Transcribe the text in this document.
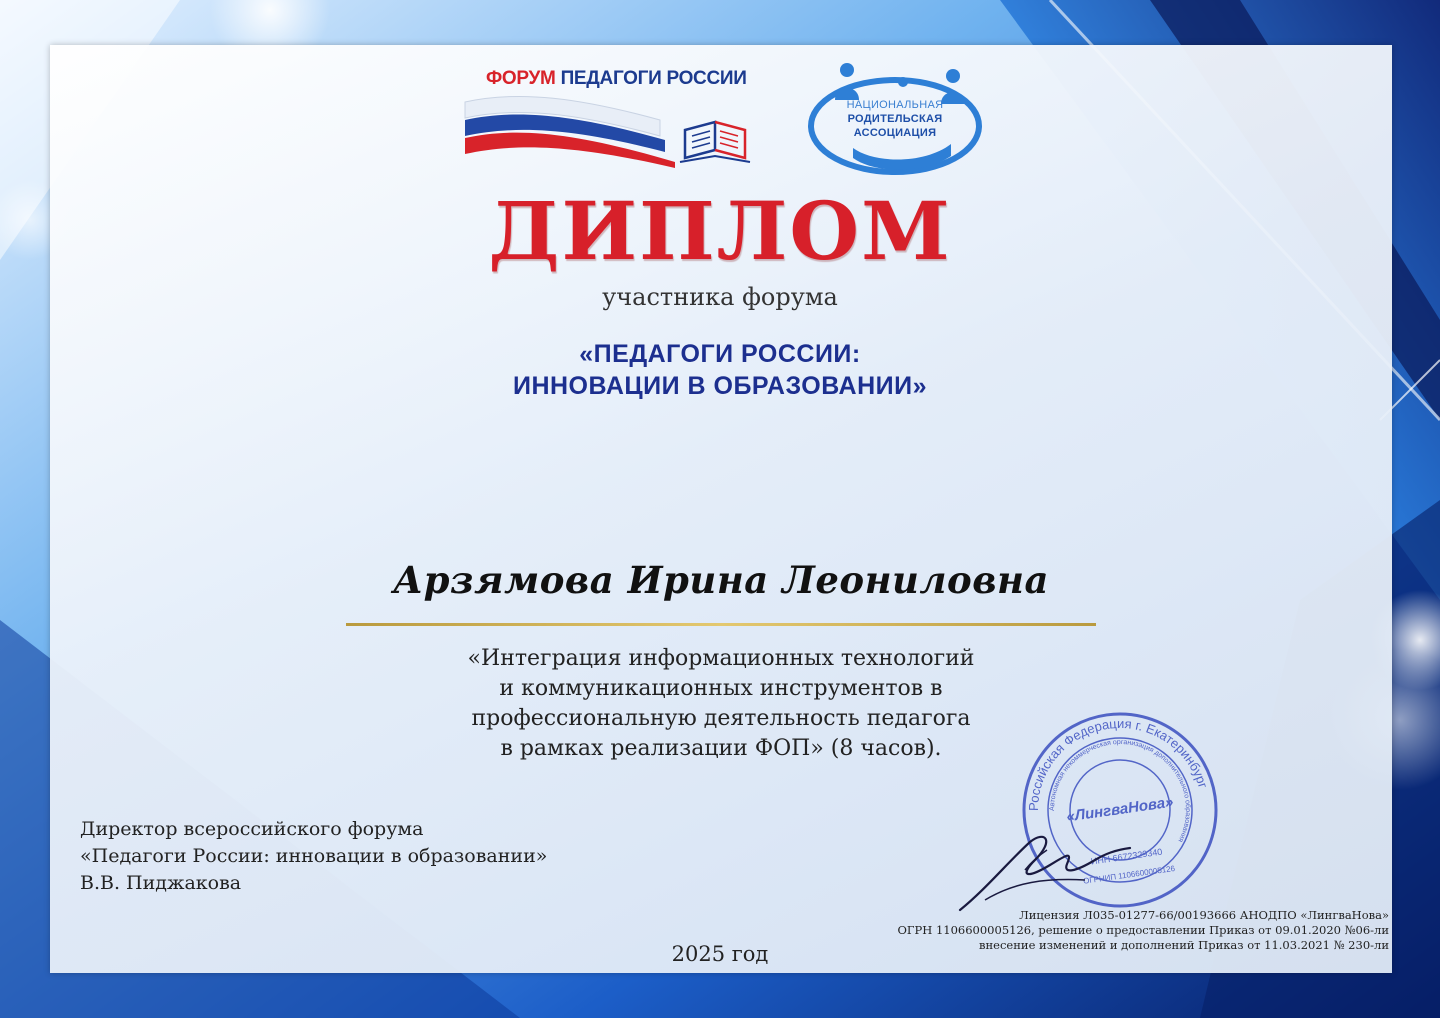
ФОРУМ ПЕДАГОГИ РОССИИ
НАЦИОНАЛЬНАЯ
РОДИТЕЛЬСКАЯ
АССОЦИАЦИЯ
ДИПЛОМ
участника форума
«ПЕДАГОГИ РОССИИ:
ИННОВАЦИИ В ОБРАЗОВАНИИ»
Арзямова Ирина Леониловна
«Интеграция информационных технологий
и коммуникационных инструментов в
профессиональную деятельность педагога
в рамках реализации ФОП» (8 часов).
Директор всероссийского форума
«Педагоги России: инновации в образовании»
В.В. Пиджакова
Российская Федерация г. Екатеринбург
Автономная некоммерческая организация дополнительного образования
«ЛингваНова»
ИНН 6672329340
ОГРНИП 1106600005126
Лицензия Л035-01277-66/00193666 АНОДПО «ЛингваНова»
ОГРН 1106600005126, решение о предоставлении Приказ от 09.01.2020 №06-ли
внесение изменений и дополнений Приказ от 11.03.2021 № 230-ли
2025 год
